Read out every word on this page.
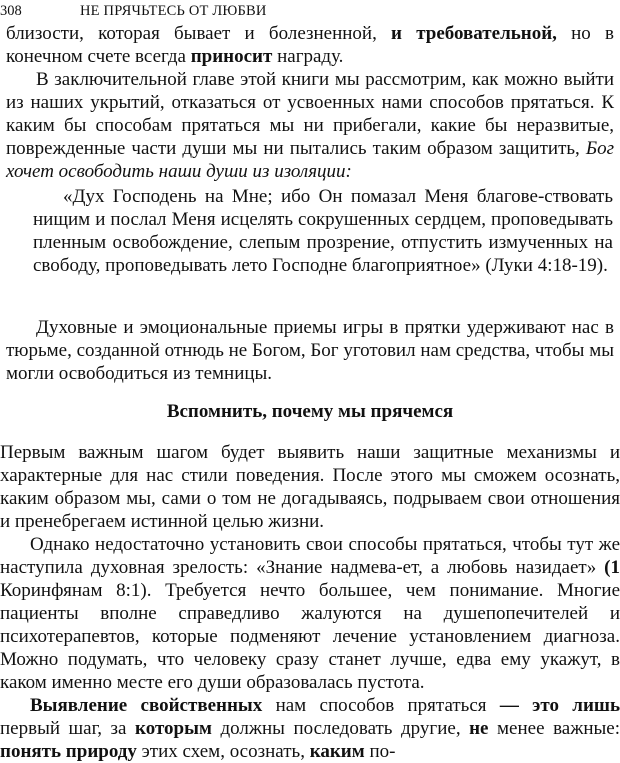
308	НЕ ПРЯЧЬТЕСЬ ОТ ЛЮБВИ

близости, которая бывает и болезненной, и требовательной, но в конечном счете всегда приносит награду.

В заключительной главе этой книги мы рассмотрим, как можно выйти из наших укрытий, отказаться от усвоенных нами способов прятаться. К каким бы способам прятаться мы ни прибегали, какие бы неразвитые, поврежденные части души мы ни пытались таким образом защитить, Бог хочет освободить наши души из изоляции:

«Дух Господень на Мне; ибо Он помазал Меня благове-ствовать нищим и послал Меня исцелять сокрушенных сердцем, проповедывать пленным освобождение, слепым прозрение, отпустить измученных на свободу, проповедывать лето Господне благоприятное» (Луки 4:18-19).

Духовные и эмоциональные приемы игры в прятки удерживают нас в тюрьме, созданной отнюдь не Богом, Бог уготовил нам средства, чтобы мы могли освободиться из темницы.

Вспомнить, почему мы прячемся

Первым важным шагом будет выявить наши защитные механизмы и характерные для нас стили поведения. После этого мы сможем осознать, каким образом мы, сами о том не догадываясь, подрываем свои отношения и пренебрегаем истинной целью жизни.

Однако недостаточно установить свои способы прятаться, чтобы тут же наступила духовная зрелость: «Знание надмева-ет, а любовь назидает» (1 Коринфянам 8:1). Требуется нечто большее, чем понимание. Многие пациенты вполне справедливо жалуются на душепопечителей и психотерапевтов, которые подменяют лечение установлением диагноза. Можно подумать, что человеку сразу станет лучше, едва ему укажут, в каком именно месте его души образовалась пустота.

Выявление свойственных нам способов прятаться — это лишь первый шаг, за которым должны последовать другие, не менее важные: понять природу этих схем, осознать, каким по-
